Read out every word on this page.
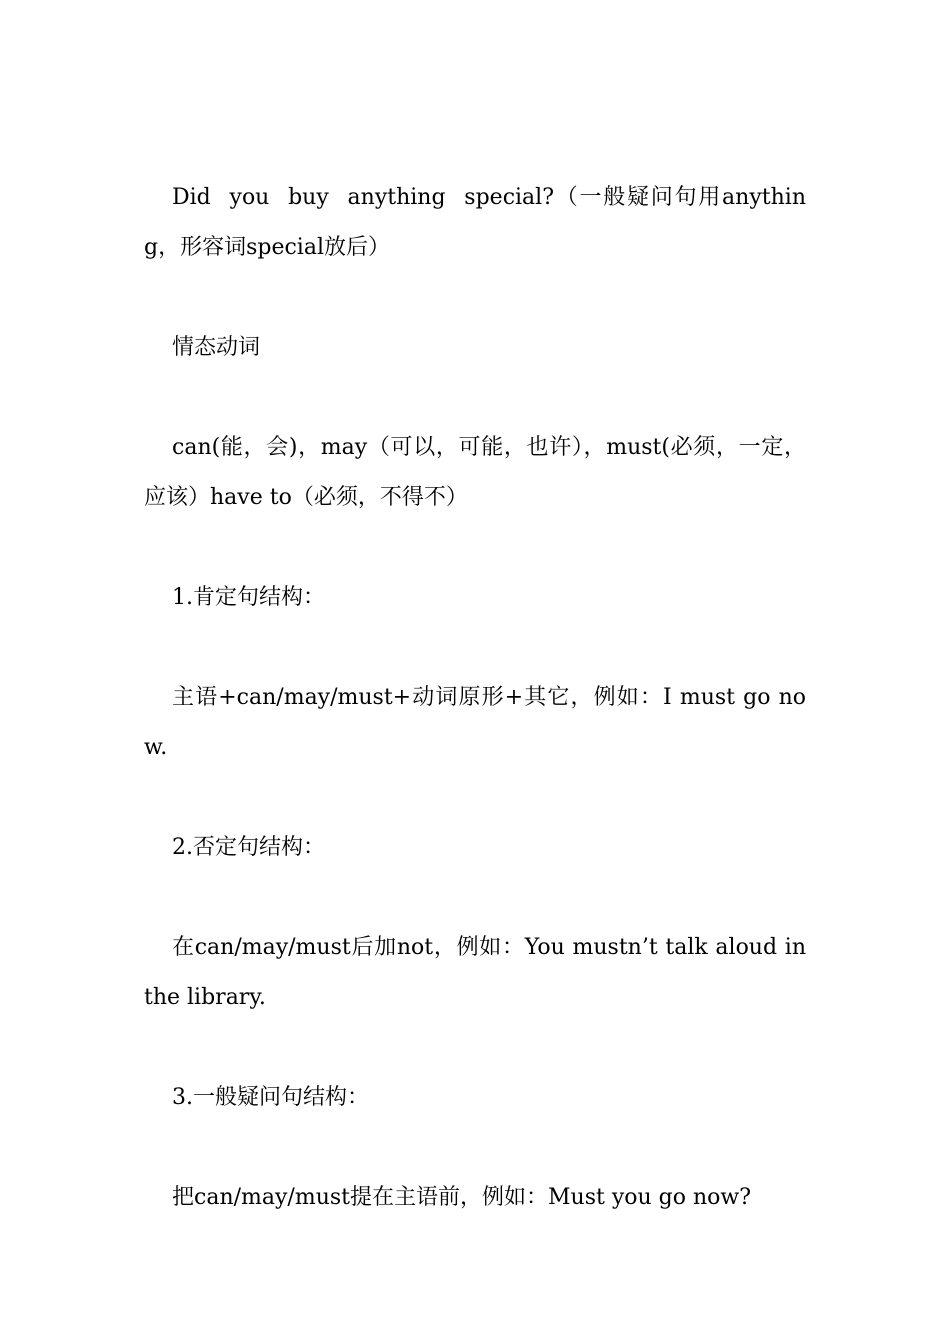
Did you buy anything special?（一般疑问句用anything，形容词special放后）

情态动词

can(能，会)，may（可以，可能，也许），must(必须，一定，应该）have to（必须，不得不）

1.肯定句结构：

主语+can/may/must+动词原形+其它，例如：I must go now.

2.否定句结构：

在can/may/must后加not，例如：You mustn’t talk aloud in the library.

3.一般疑问句结构：

把can/may/must提在主语前，例如：Must you go now?
